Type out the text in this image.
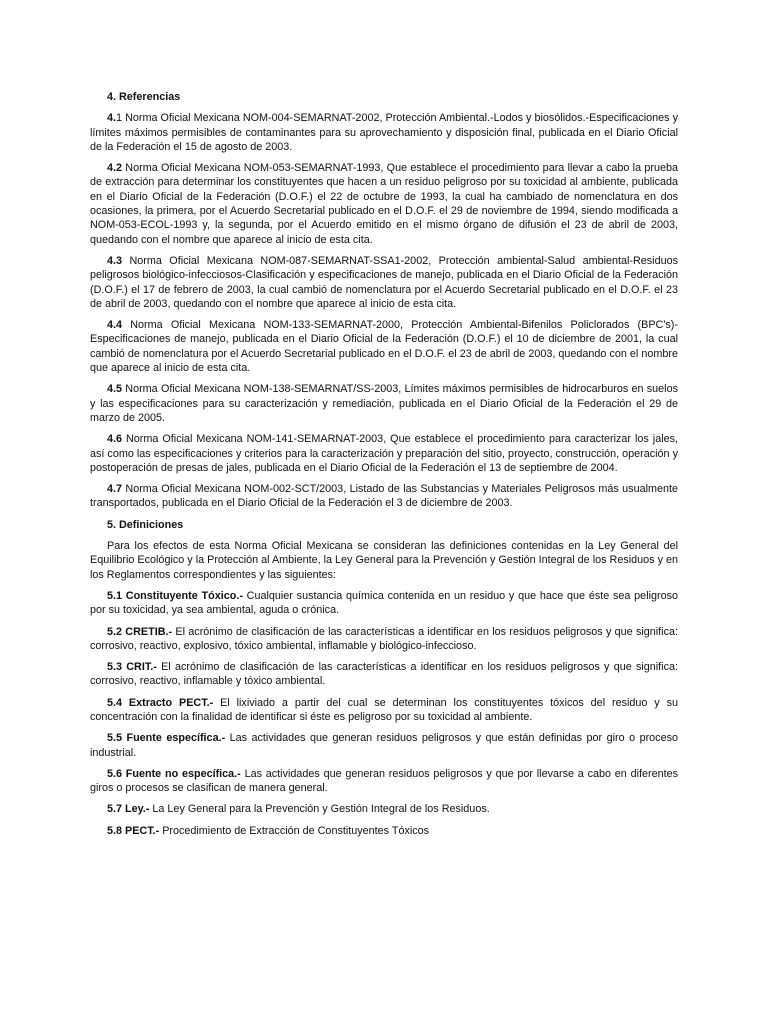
4. Referencias

4.1 Norma Oficial Mexicana NOM-004-SEMARNAT-2002, Protección Ambiental.-Lodos y biosólidos.-Especificaciones y límites máximos permisibles de contaminantes para su aprovechamiento y disposición final, publicada en el Diario Oficial de la Federación el 15 de agosto de 2003.

4.2 Norma Oficial Mexicana NOM-053-SEMARNAT-1993, Que establece el procedimiento para llevar a cabo la prueba de extracción para determinar los constituyentes que hacen a un residuo peligroso por su toxicidad al ambiente, publicada en el Diario Oficial de la Federación (D.O.F.) el 22 de octubre de 1993, la cual ha cambiado de nomenclatura en dos ocasiones, la primera, por el Acuerdo Secretarial publicado en el D.O.F. el 29 de noviembre de 1994, siendo modificada a NOM-053-ECOL-1993 y, la segunda, por el Acuerdo emitido en el mismo órgano de difusión el 23 de abril de 2003, quedando con el nombre que aparece al inicio de esta cita.

4.3 Norma Oficial Mexicana NOM-087-SEMARNAT-SSA1-2002, Protección ambiental-Salud ambiental-Residuos peligrosos biológico-infecciosos-Clasificación y especificaciones de manejo, publicada en el Diario Oficial de la Federación (D.O.F.) el 17 de febrero de 2003, la cual cambió de nomenclatura por el Acuerdo Secretarial publicado en el D.O.F. el 23 de abril de 2003, quedando con el nombre que aparece al inicio de esta cita.

4.4 Norma Oficial Mexicana NOM-133-SEMARNAT-2000, Protección Ambiental-Bifenilos Policlorados (BPC's)-Especificaciones de manejo, publicada en el Diario Oficial de la Federación (D.O.F.) el 10 de diciembre de 2001, la cual cambió de nomenclatura por el Acuerdo Secretarial publicado en el D.O.F. el 23 de abril de 2003, quedando con el nombre que aparece al inicio de esta cita.

4.5 Norma Oficial Mexicana NOM-138-SEMARNAT/SS-2003, Límites máximos permisibles de hidrocarburos en suelos y las especificaciones para su caracterización y remediación, publicada en el Diario Oficial de la Federación el 29 de marzo de 2005.

4.6 Norma Oficial Mexicana NOM-141-SEMARNAT-2003, Que establece el procedimiento para caracterizar los jales, así como las especificaciones y criterios para la caracterización y preparación del sitio, proyecto, construcción, operación y postoperación de presas de jales, publicada en el Diario Oficial de la Federación el 13 de septiembre de 2004.

4.7 Norma Oficial Mexicana NOM-002-SCT/2003, Listado de las Substancias y Materiales Peligrosos más usualmente transportados, publicada en el Diario Oficial de la Federación el 3 de diciembre de 2003.

5. Definiciones

Para los efectos de esta Norma Oficial Mexicana se consideran las definiciones contenidas en la Ley General del Equilibrio Ecológico y la Protección al Ambiente, la Ley General para la Prevención y Gestión Integral de los Residuos y en los Reglamentos correspondientes y las siguientes:

5.1 Constituyente Tóxico.- Cualquier sustancia química contenida en un residuo y que hace que éste sea peligroso por su toxicidad, ya sea ambiental, aguda o crónica.

5.2 CRETIB.- El acrónimo de clasificación de las características a identificar en los residuos peligrosos y que significa: corrosivo, reactivo, explosivo, tóxico ambiental, inflamable y biológico-infeccioso.

5.3 CRIT.- El acrónimo de clasificación de las características a identificar en los residuos peligrosos y que significa: corrosivo, reactivo, inflamable y tóxico ambiental.

5.4 Extracto PECT.- El lixiviado a partir del cual se determinan los constituyentes tóxicos del residuo y su concentración con la finalidad de identificar si éste es peligroso por su toxicidad al ambiente.

5.5 Fuente específica.- Las actividades que generan residuos peligrosos y que están definidas por giro o proceso industrial.

5.6 Fuente no específica.- Las actividades que generan residuos peligrosos y que por llevarse a cabo en diferentes giros o procesos se clasifican de manera general.

5.7 Ley.- La Ley General para la Prevención y Gestión Integral de los Residuos.

5.8 PECT.- Procedimiento de Extracción de Constituyentes Tóxicos
